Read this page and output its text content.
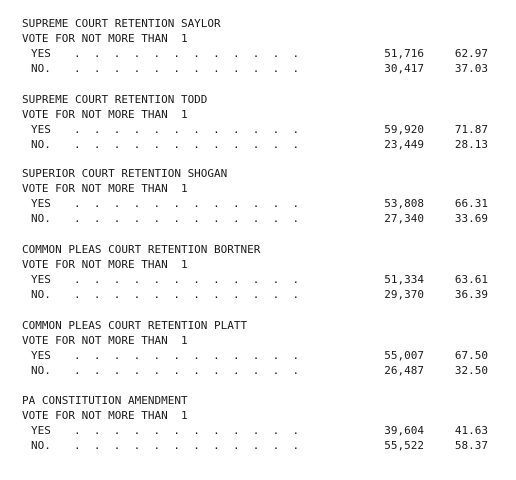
SUPREME COURT RETENTION SAYLOR
VOTE FOR NOT MORE THAN  1
YES .  .  .  .  .  .  .  .  .  .  .  .	51,716	62.97
NO. .  .  .  .  .  .  .  .  .  .  .  .	30,417	37.03
SUPREME COURT RETENTION TODD
VOTE FOR NOT MORE THAN  1
YES .  .  .  .  .  .  .  .  .  .  .  .	59,920	71.87
NO. .  .  .  .  .  .  .  .  .  .  .  .	23,449	28.13
SUPERIOR COURT RETENTION SHOGAN
VOTE FOR NOT MORE THAN  1
YES .  .  .  .  .  .  .  .  .  .  .  .	53,808	66.31
NO. .  .  .  .  .  .  .  .  .  .  .  .	27,340	33.69
COMMON PLEAS COURT RETENTION BORTNER
VOTE FOR NOT MORE THAN  1
YES .  .  .  .  .  .  .  .  .  .  .  .	51,334	63.61
NO. .  .  .  .  .  .  .  .  .  .  .  .	29,370	36.39
COMMON PLEAS COURT RETENTION PLATT
VOTE FOR NOT MORE THAN  1
YES .  .  .  .  .  .  .  .  .  .  .  .	55,007	67.50
NO. .  .  .  .  .  .  .  .  .  .  .  .	26,487	32.50
PA CONSTITUTION AMENDMENT
VOTE FOR NOT MORE THAN  1
YES .  .  .  .  .  .  .  .  .  .  .  .	39,604	41.63
NO. .  .  .  .  .  .  .  .  .  .  .  .	55,522	58.37
